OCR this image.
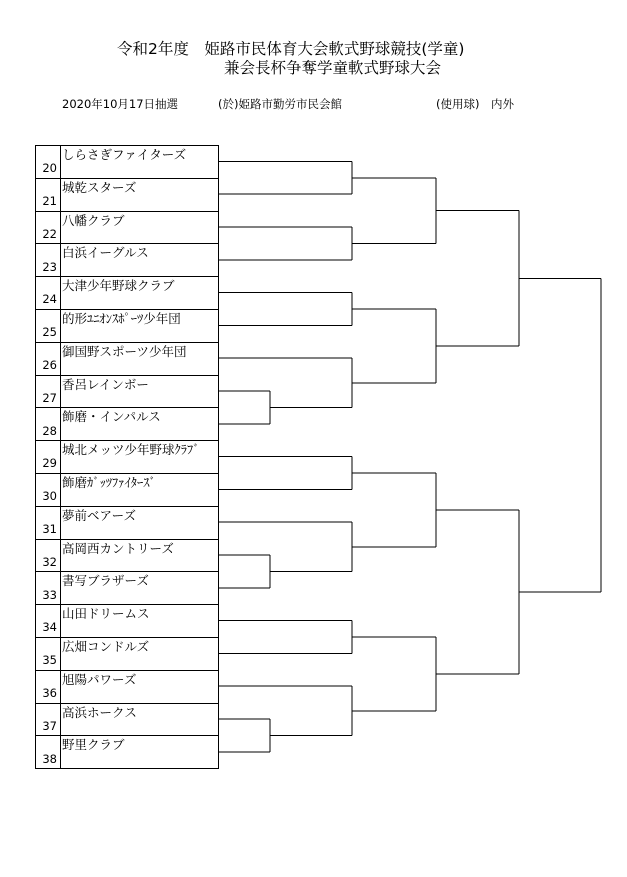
令和2年度　姫路市民体育大会軟式野球競技(学童)
兼会長杯争奪学童軟式野球大会
2020年10月17日抽選	(於)姫路市勤労市民会館	(使用球)　内外
20
21
22
23
24
25
26
27
28
29
30
31
32
33
34
35
36
37
38
しらさぎファイターズ
城乾スターズ
八幡クラブ
白浜イーグルス
大津少年野球クラブ
的形ﾕﾆｵﾝｽﾎﾟｰﾂ少年団
御国野スポーツ少年団
香呂レインボー
飾磨・インパルス
城北メッツ少年野球ｸﾗﾌﾞ
飾磨ｶﾞｯﾂﾌｧｲﾀｰｽﾞ
夢前ベアーズ
高岡西カントリーズ
書写ブラザーズ
山田ドリームス
広畑コンドルズ
旭陽パワーズ
高浜ホークス
野里クラブ
